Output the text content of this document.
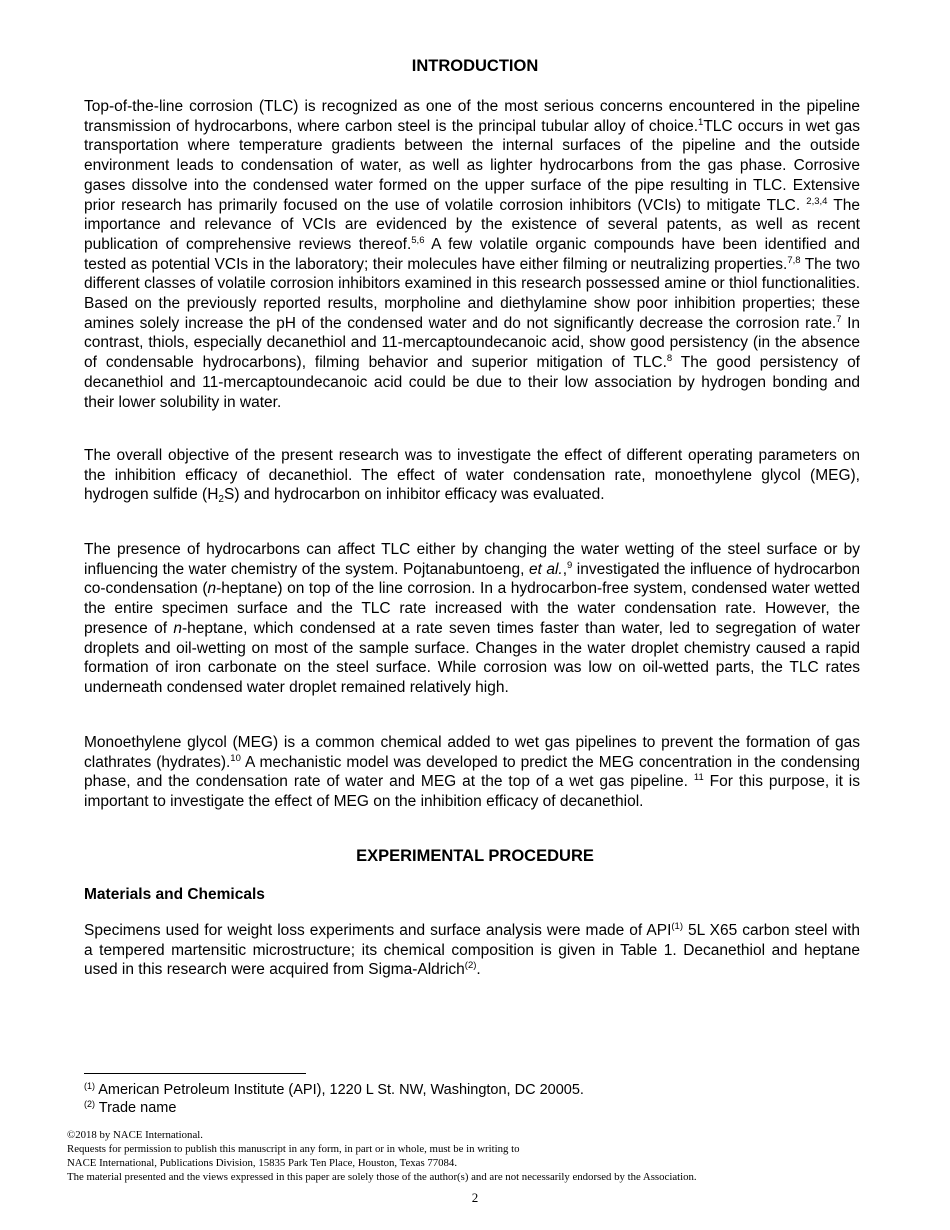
INTRODUCTION

Top-of-the-line corrosion (TLC) is recognized as one of the most serious concerns encountered in the pipeline transmission of hydrocarbons, where carbon steel is the principal tubular alloy of choice.$^1$TLC occurs in wet gas transportation where temperature gradients between the internal surfaces of the pipeline and the outside environment leads to condensation of water, as well as lighter hydrocarbons from the gas phase. Corrosive gases dissolve into the condensed water formed on the upper surface of the pipe resulting in TLC. Extensive prior research has primarily focused on the use of volatile corrosion inhibitors (VCIs) to mitigate TLC. $^{2,3,4}$ The importance and relevance of VCIs are evidenced by the existence of several patents, as well as recent publication of comprehensive reviews thereof.$^{5,6}$ A few volatile organic compounds have been identified and tested as potential VCIs in the laboratory; their molecules have either filming or neutralizing properties.$^{7,8}$ The two different classes of volatile corrosion inhibitors examined in this research possessed amine or thiol functionalities. Based on the previously reported results, morpholine and diethylamine show poor inhibition properties; these amines solely increase the pH of the condensed water and do not significantly decrease the corrosion rate.$^7$ In contrast, thiols, especially decanethiol and 11-mercaptoundecanoic acid, show good persistency (in the absence of condensable hydrocarbons), filming behavior and superior mitigation of TLC.$^8$ The good persistency of decanethiol and 11-mercaptoundecanoic acid could be due to their low association by hydrogen bonding and their lower solubility in water.

The overall objective of the present research was to investigate the effect of different operating parameters on the inhibition efficacy of decanethiol. The effect of water condensation rate, monoethylene glycol (MEG), hydrogen sulfide $(H_2S)$ and hydrocarbon on inhibitor efficacy was evaluated.

The presence of hydrocarbons can affect TLC either by changing the water wetting of the steel surface or by influencing the water chemistry of the system. Pojtanabuntoeng, et al.,$^9$ investigated the influence of hydrocarbon co-condensation (n-heptane) on top of the line corrosion. In a hydrocarbon-free system, condensed water wetted the entire specimen surface and the TLC rate increased with the water condensation rate. However, the presence of n-heptane, which condensed at a rate seven times faster than water, led to segregation of water droplets and oil-wetting on most of the sample surface. Changes in the water droplet chemistry caused a rapid formation of iron carbonate on the steel surface. While corrosion was low on oil-wetted parts, the TLC rates underneath condensed water droplet remained relatively high.

Monoethylene glycol (MEG) is a common chemical added to wet gas pipelines to prevent the formation of gas clathrates (hydrates).$^{10}$ A mechanistic model was developed to predict the MEG concentration in the condensing phase, and the condensation rate of water and MEG at the top of a wet gas pipeline. $^{11}$ For this purpose, it is important to investigate the effect of MEG on the inhibition efficacy of decanethiol.

EXPERIMENTAL PROCEDURE
Materials and Chemicals

Specimens used for weight loss experiments and surface analysis were made of API$^{(1)}$ 5L X65 carbon steel with a tempered martensitic microstructure; its chemical composition is given in Table 1. Decanethiol and heptane used in this research were acquired from Sigma-Aldrich$^{(2)}$.

$^{(1)}$ American Petroleum Institute (API), 1220 L St. NW, Washington, DC 20005.

$^{(2)}$ Trade name

©2018 by NACE International.
Requests for permission to publish this manuscript in any form, in part or in whole, must be in writing to
NACE International, Publications Division, 15835 Park Ten Place, Houston, Texas 77084.
The material presented and the views expressed in this paper are solely those of the author(s) and are not necessarily endorsed by the Association.

2
